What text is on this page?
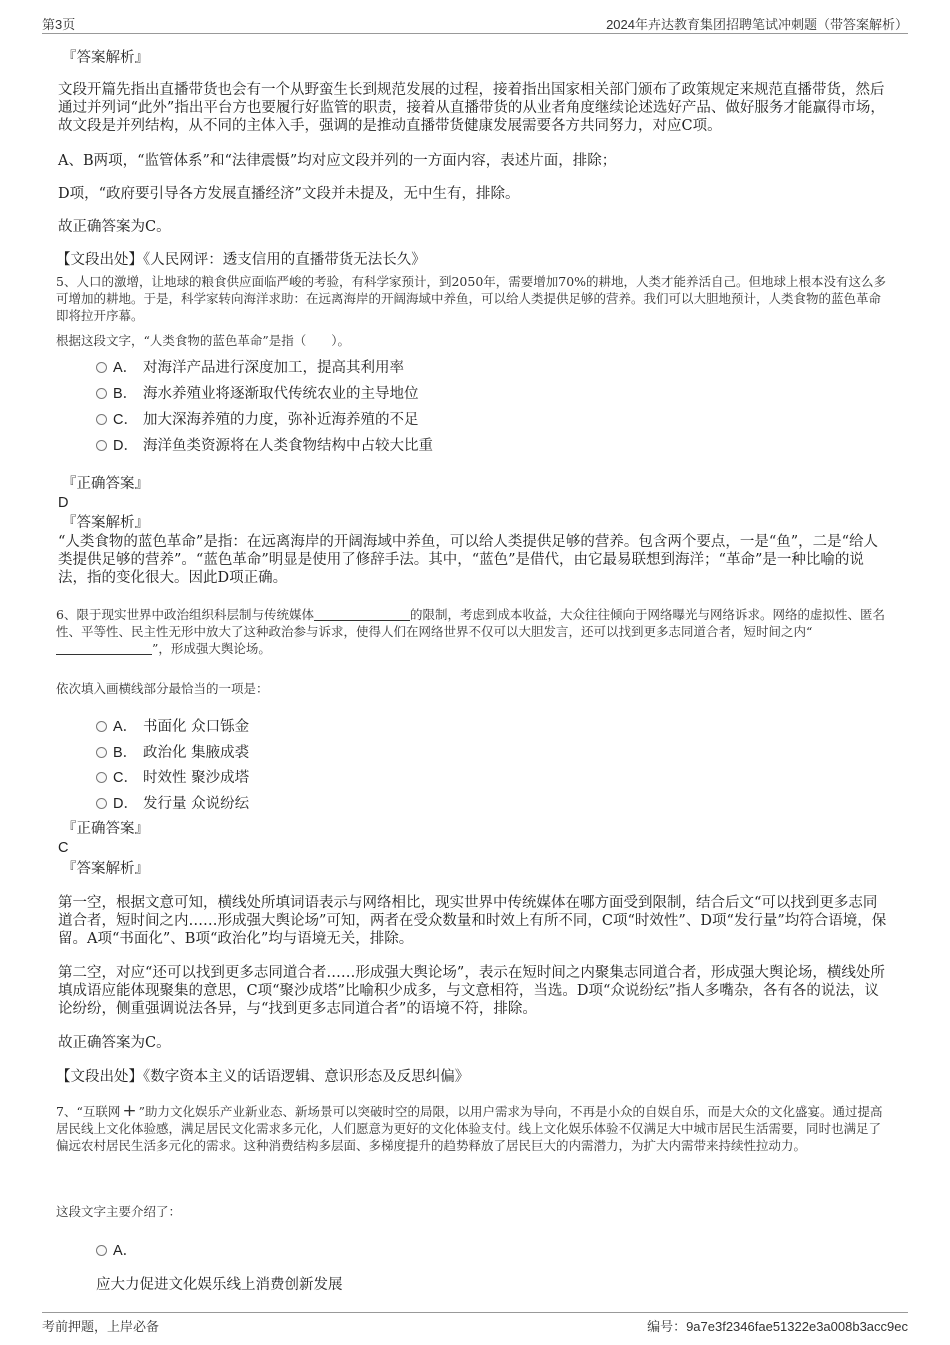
第3页	2024年卉达教育集团招聘笔试冲刺题（带答案解析）
『答案解析』
文段开篇先指出直播带货也会有一个从野蛮生长到规范发展的过程，接着指出国家相关部门颁布了政策规定来规范直播带货，然后通过并列词“此外”指出平台方也要履行好监管的职责，接着从直播带货的从业者角度继续论述选好产品、做好服务才能赢得市场，故文段是并列结构，从不同的主体入手，强调的是推动直播带货健康发展需要各方共同努力，对应C项。
A、B两项，“监管体系”和“法律震慑”均对应文段并列的一方面内容，表述片面，排除；
D项，“政府要引导各方发展直播经济”文段并未提及，无中生有，排除。
故正确答案为C。
【文段出处】《人民网评：透支信用的直播带货无法长久》
5、人口的激增，让地球的粮食供应面临严峻的考验，有科学家预计，到2050年，需要增加70%的耕地，人类才能养活自己。但地球上根本没有这么多可增加的耕地。于是，科学家转向海洋求助：在远离海岸的开阔海域中养鱼，可以给人类提供足够的营养。我们可以大胆地预计，人类食物的蓝色革命即将拉开序幕。
根据这段文字，“人类食物的蓝色革命”是指（　　）。
A． 对海洋产品进行深度加工，提高其利用率
B． 海水养殖业将逐渐取代传统农业的主导地位
C． 加大深海养殖的力度，弥补近海养殖的不足
D． 海洋鱼类资源将在人类食物结构中占较大比重
『正确答案』
D
『答案解析』
“人类食物的蓝色革命”是指：在远离海岸的开阔海域中养鱼，可以给人类提供足够的营养。包含两个要点，一是“鱼”，二是“给人类提供足够的营养”。“蓝色革命”明显是使用了修辞手法。其中，“蓝色”是借代，由它最易联想到海洋；“革命”是一种比喻的说法，指的变化很大。因此D项正确。
6、限于现实世界中政治组织科层制与传统媒体	的限制，考虑到成本收益，大众往往倾向于网络曝光与网络诉求。网络的虚拟性、匿名性、平等性、民主性无形中放大了这种政治参与诉求，使得人们在网络世界不仅可以大胆发言，还可以找到更多志同道合者，短时间之内“”，形成强大舆论场。
依次填入画横线部分最恰当的一项是：
A． 书面化 众口铄金
B． 政治化 集腋成裘
C． 时效性 聚沙成塔
D． 发行量 众说纷纭
『正确答案』
C
『答案解析』
第一空，根据文意可知，横线处所填词语表示与网络相比，现实世界中传统媒体在哪方面受到限制，结合后文“可以找到更多志同道合者，短时间之内……形成强大舆论场”可知，两者在受众数量和时效上有所不同，C项“时效性”、D项“发行量”均符合语境，保留。A项“书面化”、B项“政治化”均与语境无关，排除。
第二空，对应“还可以找到更多志同道合者……形成强大舆论场”，表示在短时间之内聚集志同道合者，形成强大舆论场，横线处所填成语应能体现聚集的意思，C项“聚沙成塔”比喻积少成多，与文意相符，当选。D项“众说纷纭”指人多嘴杂，各有各的说法，议论纷纷，侧重强调说法各异，与“找到更多志同道合者”的语境不符，排除。
故正确答案为C。
【文段出处】《数字资本主义的话语逻辑、意识形态及反思纠偏》
7、“互联网 + ”助力文化娱乐产业新业态、新场景可以突破时空的局限，以用户需求为导向，不再是小众的自娱自乐，而是大众的文化盛宴。通过提高居民线上文化体验感，满足居民文化需求多元化，人们愿意为更好的文化体验支付。线上文化娱乐体验不仅满足大中城市居民生活需要，同时也满足了偏远农村居民生活多元化的需求。这种消费结构多层面、多梯度提升的趋势释放了居民巨大的内需潜力，为扩大内需带来持续性拉动力。
这段文字主要介绍了：
A．
应大力促进文化娱乐线上消费创新发展
考前押题，上岸必备	编号：9a7e3f2346fae51322e3a008b3acc9ec
